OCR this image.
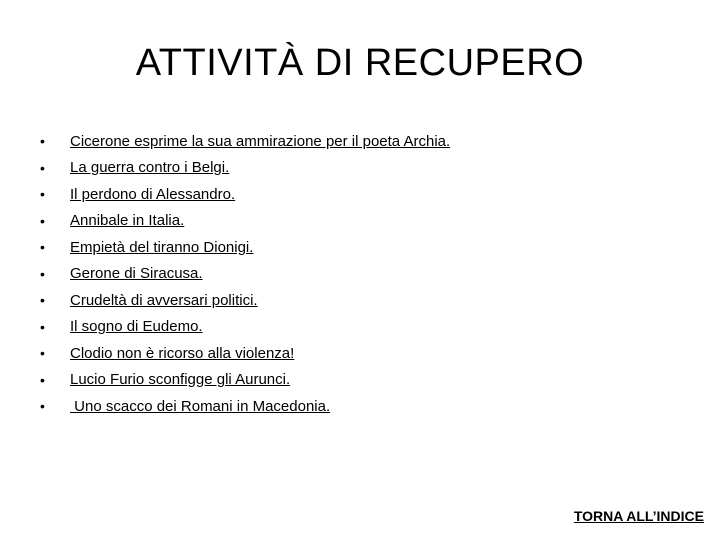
ATTIVITÀ DI RECUPERO
•	Cicerone esprime la sua ammirazione per il poeta Archia.
•	La guerra contro i Belgi.
•	Il perdono di Alessandro.
•	Annibale in Italia.
•	Empietà del tiranno Dionigi.
•	Gerone di Siracusa.
•	Crudeltà di avversari politici.
•	Il sogno di Eudemo.
•	Clodio non è ricorso alla violenza!
•	Lucio Furio sconfigge gli Aurunci.
•	Uno scacco dei Romani in Macedonia.
TORNA ALL’INDICE
